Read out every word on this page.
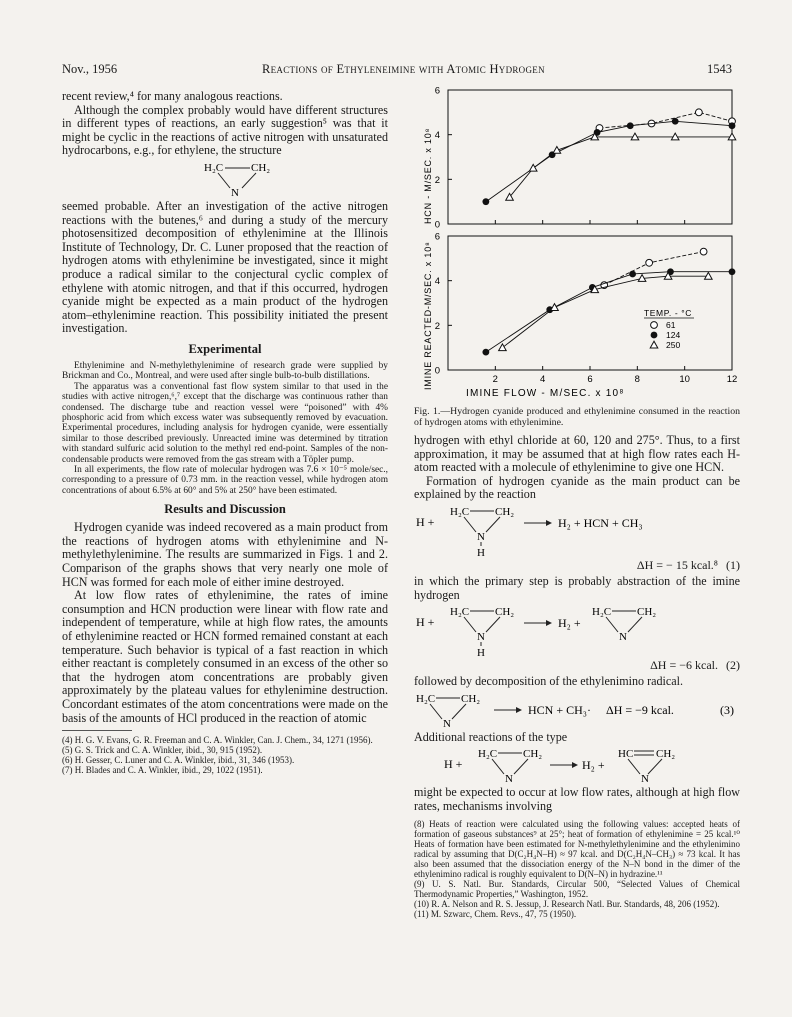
Nov., 1956	Reactions of Ethyleneimine with Atomic Hydrogen	1543

recent review,⁴ for many analogous reactions.

Although the complex probably would have different structures in different types of reactions, an early suggestion⁵ was that it might be cyclic in the reactions of active nitrogen with unsaturated hydrocarbons, e.g., for ethylene, the structure

H₂C	CH₂
N

seemed probable. After an investigation of the active nitrogen reactions with the butenes,⁶ and during a study of the mercury photosensitized decomposition of ethylenimine at the Illinois Institute of Technology, Dr. C. Luner proposed that the reaction of hydrogen atoms with ethylenimine be investigated, since it might produce a radical similar to the conjectural cyclic complex of ethylene with atomic nitrogen, and that if this occurred, hydrogen cyanide might be expected as a main product of the hydrogen atom–ethylenimine reaction. This possibility initiated the present investigation.

Experimental

Ethylenimine and N-methylethylenimine of research grade were supplied by Brickman and Co., Montreal, and were used after single bulb-to-bulb distillations.

The apparatus was a conventional fast flow system similar to that used in the studies with active nitrogen,⁶,⁷ except that the discharge was continuous rather than condensed. The discharge tube and reaction vessel were “poisoned” with 4% phosphoric acid from which excess water was subsequently removed by evacuation. Experimental procedures, including analysis for hydrogen cyanide, were essentially similar to those described previously. Unreacted imine was determined by titration with standard sulfuric acid solution to the methyl red end-point. Samples of the non-condensable products were removed from the gas stream with a Töpler pump.

In all experiments, the flow rate of molecular hydrogen was 7.6 × 10⁻⁵ mole/sec., corresponding to a pressure of 0.73 mm. in the reaction vessel, while hydrogen atom concentrations of about 6.5% at 60° and 5% at 250° have been estimated.

Results and Discussion

Hydrogen cyanide was indeed recovered as a main product from the reactions of hydrogen atoms with ethylenimine and N-methylethylenimine. The results are summarized in Figs. 1 and 2. Comparison of the graphs shows that very nearly one mole of HCN was formed for each mole of either imine destroyed.

At low flow rates of ethylenimine, the rates of imine consumption and HCN production were linear with flow rate and independent of temperature, while at high flow rates, the amounts of ethylenimine reacted or HCN formed remained constant at each temperature. Such behavior is typical of a fast reaction in which either reactant is completely consumed in an excess of the other so that the hydrogen atom concentrations are probably given approximately by the plateau values for ethylenimine destruction. Concordant estimates of the atom concentrations were made on the basis of the amounts of HCl produced in the reaction of atomic

(4) H. G. V. Evans, G. R. Freeman and C. A. Winkler, Can. J. Chem., 34, 1271 (1956).

(5) G. S. Trick and C. A. Winkler, ibid., 30, 915 (1952).

(6) H. Gesser, C. Luner and C. A. Winkler, ibid., 31, 346 (1953).

(7) H. Blades and C. A. Winkler, ibid., 29, 1022 (1951).

6
4
2
0
6
4
2
0
2	4	6	8	10	12
TEMP. - °C
61
124
250
IMINE FLOW - M/SEC. x 10⁸
HCN - M/SEC. x 10⁸
IMINE REACTED-M/SEC. x 10⁸

Fig. 1.—Hydrogen cyanide produced and ethylenimine consumed in the reaction of hydrogen atoms with ethylenimine.

hydrogen with ethyl chloride at 60, 120 and 275°. Thus, to a first approximation, it may be assumed that at high flow rates each H-atom reacted with a molecule of ethylenimine to give one HCN.

Formation of hydrogen cyanide as the main product can be explained by the reaction

H +
H₂C CH₂
N
H
H₂ + HCN + CH₃
ΔH = − 15 kcal.⁸ (1)

in which the primary step is probably abstraction of the imine hydrogen

H +
H₂C CH₂
N
H
H₂ +
H₂C CH₂
N
ΔH = −6 kcal. (2)

followed by decomposition of the ethylenimino radical.

H₂C CH₂
N
HCN + CH₃· ΔH = −9 kcal.	(3)

Additional reactions of the type

H +
H₂C CH₂
N
H₂ +
HC CH₂
N

might be expected to occur at low flow rates, although at high flow rates, mechanisms involving

(8) Heats of reaction were calculated using the following values: accepted heats of formation of gaseous substances⁹ at 25°; heat of formation of ethylenimine = 25 kcal.¹⁰ Heats of formation have been estimated for N-methylethylenimine and the ethylenimino radical by assuming that D(C₂H₄N–H) ≈ 97 kcal. and D(C₂H₄N–CH₃) ≈ 73 kcal. It has also been assumed that the dissociation energy of the N–N bond in the dimer of the ethylenimino radical is roughly equivalent to D(N–N) in hydrazine.¹¹

(9) U. S. Natl. Bur. Standards, Circular 500, “Selected Values of Chemical Thermodynamic Properties,” Washington, 1952.

(10) R. A. Nelson and R. S. Jessup, J. Research Natl. Bur. Standards, 48, 206 (1952).

(11) M. Szwarc, Chem. Revs., 47, 75 (1950).
